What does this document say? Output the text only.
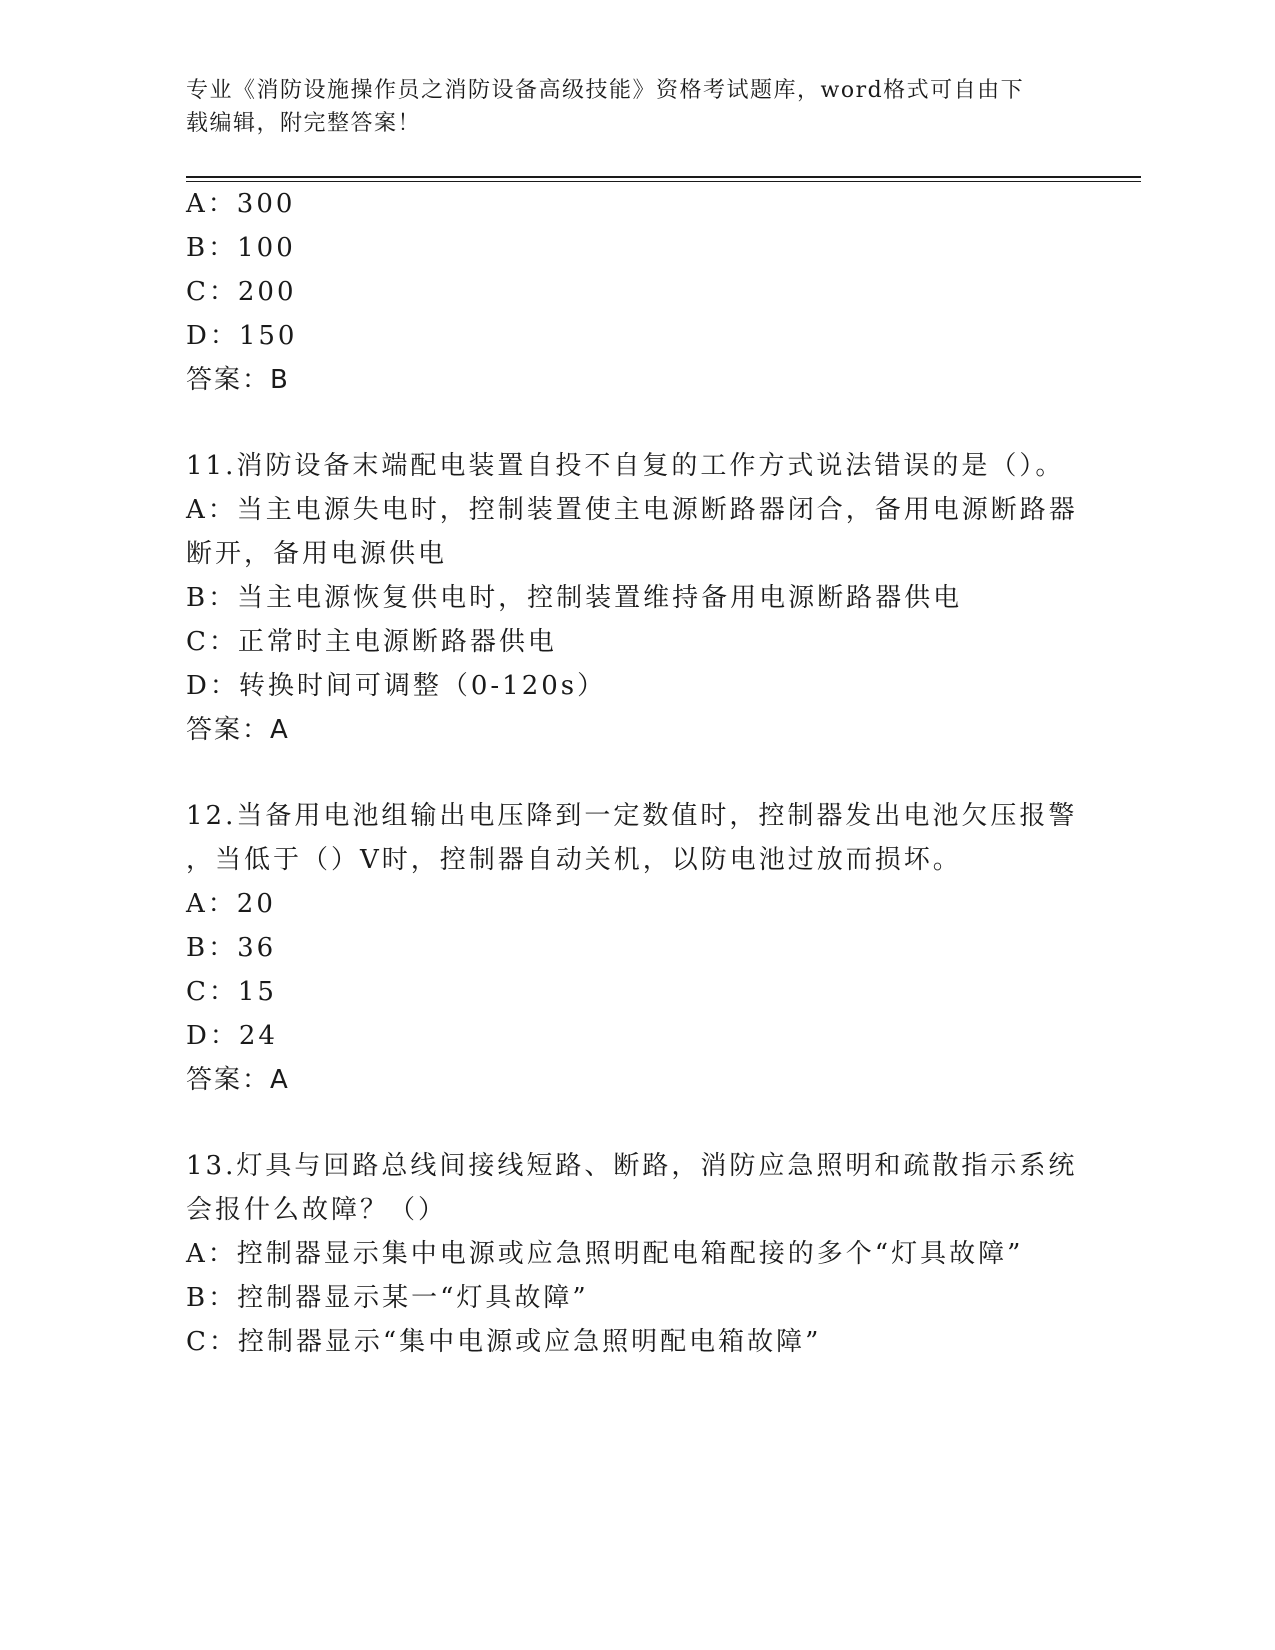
专业《消防设施操作员之消防设备高级技能》资格考试题库，word格式可自由下
载编辑，附完整答案！
A：300
B：100
C：200
D：150
答案：B
11.消防设备末端配电装置自投不自复的工作方式说法错误的是（）。
A：当主电源失电时，控制装置使主电源断路器闭合，备用电源断路器
断开，备用电源供电
B：当主电源恢复供电时，控制装置维持备用电源断路器供电
C：正常时主电源断路器供电
D：转换时间可调整（0-120s）
答案：A
12.当备用电池组输出电压降到一定数值时，控制器发出电池欠压报警
，当低于（）V时，控制器自动关机，以防电池过放而损坏。
A：20
B：36
C：15
D：24
答案：A
13.灯具与回路总线间接线短路、断路，消防应急照明和疏散指示系统
会报什么故障？（）
A：控制器显示集中电源或应急照明配电箱配接的多个“灯具故障”
B：控制器显示某一“灯具故障”
C：控制器显示“集中电源或应急照明配电箱故障”
